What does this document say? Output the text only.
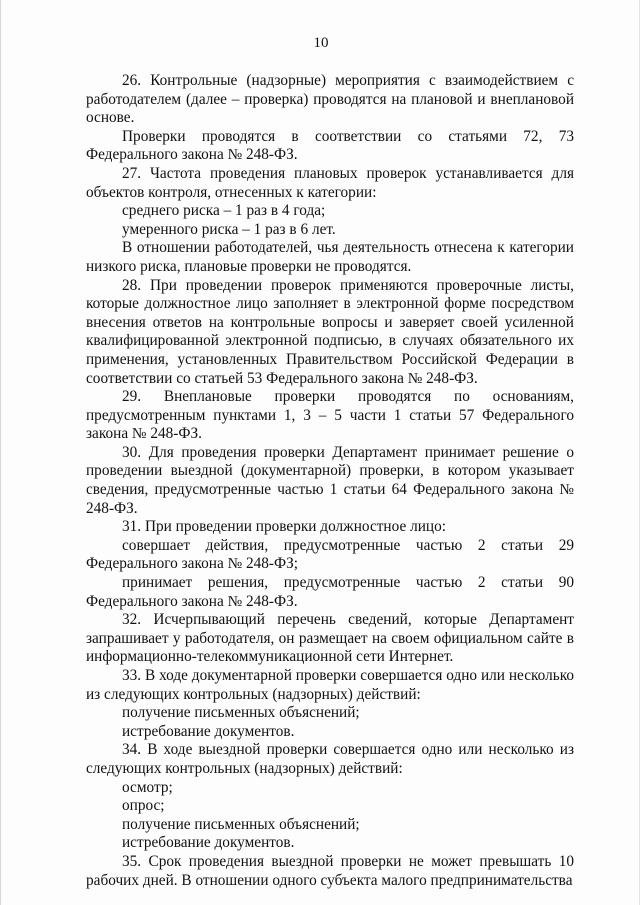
10

26. Контрольные (надзорные) мероприятия с взаимодействием с работодателем (далее – проверка) проводятся на плановой и внеплановой основе.

Проверки проводятся в соответствии со статьями 72, 73 Федерального закона № 248-ФЗ.

27. Частота проведения плановых проверок устанавливается для объектов контроля, отнесенных к категории:

среднего риска – 1 раз в 4 года;

умеренного риска – 1 раз в 6 лет.

В отношении работодателей, чья деятельность отнесена к категории низкого риска, плановые проверки не проводятся.

28. При проведении проверок применяются проверочные листы, которые должностное лицо заполняет в электронной форме посредством внесения ответов на контрольные вопросы и заверяет своей усиленной квалифицированной электронной подписью, в случаях обязательного их применения, установленных Правительством Российской Федерации в соответствии со статьей 53 Федерального закона № 248-ФЗ.

29. Внеплановые проверки проводятся по основаниям, предусмотренным пунктами 1, 3 – 5 части 1 статьи 57 Федерального закона № 248-ФЗ.

30. Для проведения проверки Департамент принимает решение о проведении выездной (документарной) проверки, в котором указывает сведения, предусмотренные частью 1 статьи 64 Федерального закона № 248-ФЗ.

31. При проведении проверки должностное лицо:

совершает действия, предусмотренные частью 2 статьи 29 Федерального закона № 248-ФЗ;

принимает решения, предусмотренные частью 2 статьи 90 Федерального закона № 248-ФЗ.

32. Исчерпывающий перечень сведений, которые Департамент запрашивает у работодателя, он размещает на своем официальном сайте в информационно-телекоммуникационной сети Интернет.

33. В ходе документарной проверки совершается одно или несколько из следующих контрольных (надзорных) действий:

получение письменных объяснений;

истребование документов.

34. В ходе выездной проверки совершается одно или несколько из следующих контрольных (надзорных) действий:

осмотр;

опрос;

получение письменных объяснений;

истребование документов.

35. Срок проведения выездной проверки не может превышать 10 рабочих дней. В отношении одного субъекта малого предпринимательства
